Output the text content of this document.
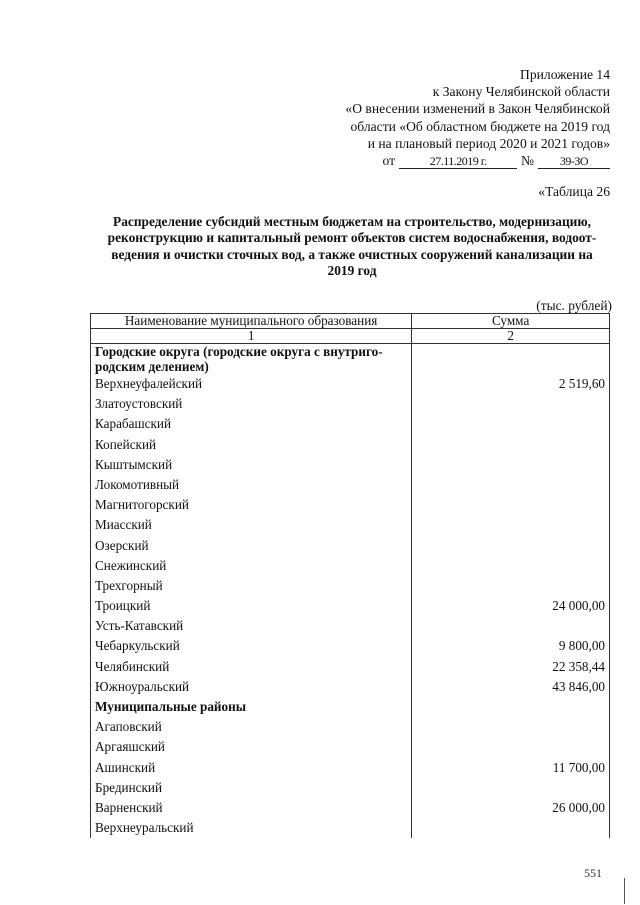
Приложение 14
к Закону Челябинской области
«О внесении изменений в Закон Челябинской
области «Об областном бюджете на 2019 год
и на плановый период 2020 и 2021 годов»
от	27.11.2019 г.	№	39-ЗО
«Таблица 26
Распределение субсидий местным бюджетам на строительство, модернизацию,
реконструкцию и капитальный ремонт объектов систем водоснабжения, водоот-
ведения и очистки сточных вод, а также очистных сооружений канализации на
2019 год
(тыс. рублей)
Наименование муниципального образования	Сумма
1	2

Городские округа (городские округа с внутриго-
родским делением)	

Верхнеуфалейский	2 519,60
Златоустовский	
Карабашский	
Копейский	
Кыштымский	
Локомотивный	
Магнитогорский	
Миасский	
Озерский	
Снежинский	
Трехгорный	
Троицкий	24 000,00
Усть-Катавский	
Чебаркульский	9 800,00
Челябинский	22 358,44
Южноуральский	43 846,00
Муниципальные районы	
Агаповский	
Аргаяшский	
Ашинский	11 700,00
Брединский	
Варненский	26 000,00
Верхнеуральский	
551
